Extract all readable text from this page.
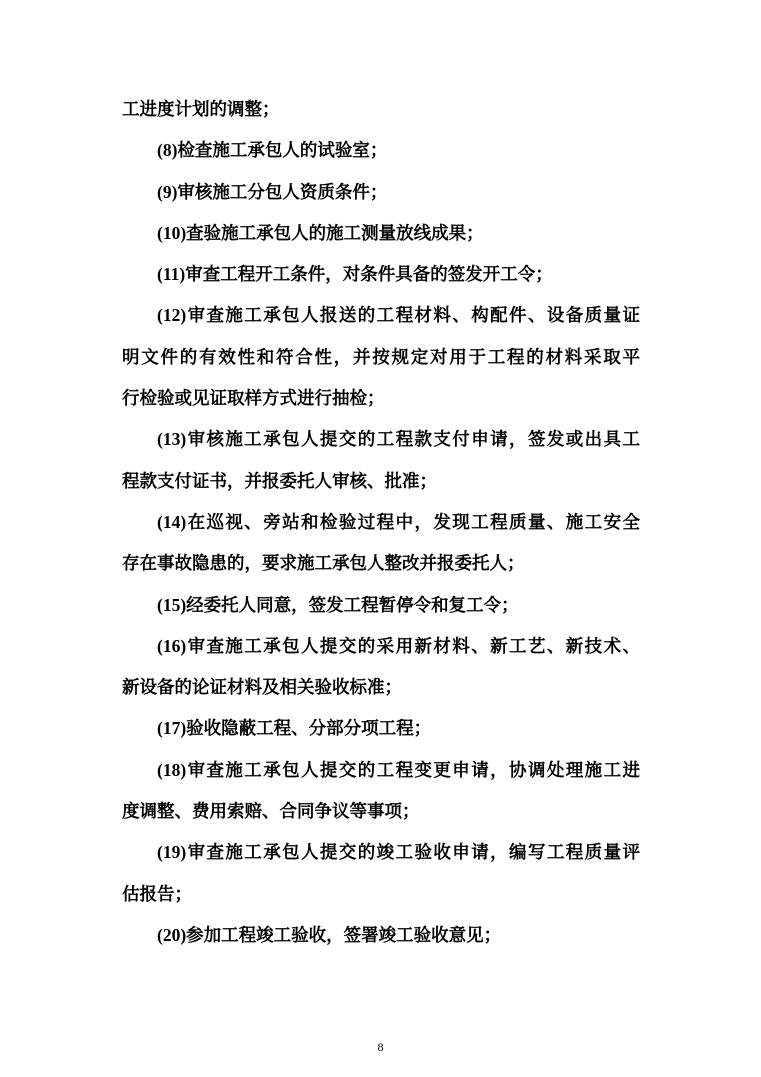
工进度计划的调整；
(8)检查施工承包人的试验室；
(9)审核施工分包人资质条件；
(10)查验施工承包人的施工测量放线成果；
(11)审查工程开工条件，对条件具备的签发开工令；
(12)审查施工承包人报送的工程材料、构配件、设备质量证
明文件的有效性和符合性，并按规定对用于工程的材料采取平
行检验或见证取样方式进行抽检；
(13)审核施工承包人提交的工程款支付申请，签发或出具工
程款支付证书，并报委托人审核、批准；
(14)在巡视、旁站和检验过程中，发现工程质量、施工安全
存在事故隐患的，要求施工承包人整改并报委托人；
(15)经委托人同意，签发工程暂停令和复工令；
(16)审查施工承包人提交的采用新材料、新工艺、新技术、
新设备的论证材料及相关验收标准；
(17)验收隐蔽工程、分部分项工程；
(18)审查施工承包人提交的工程变更申请，协调处理施工进
度调整、费用索赔、合同争议等事项；
(19)审查施工承包人提交的竣工验收申请，编写工程质量评
估报告；
(20)参加工程竣工验收，签署竣工验收意见；
8
